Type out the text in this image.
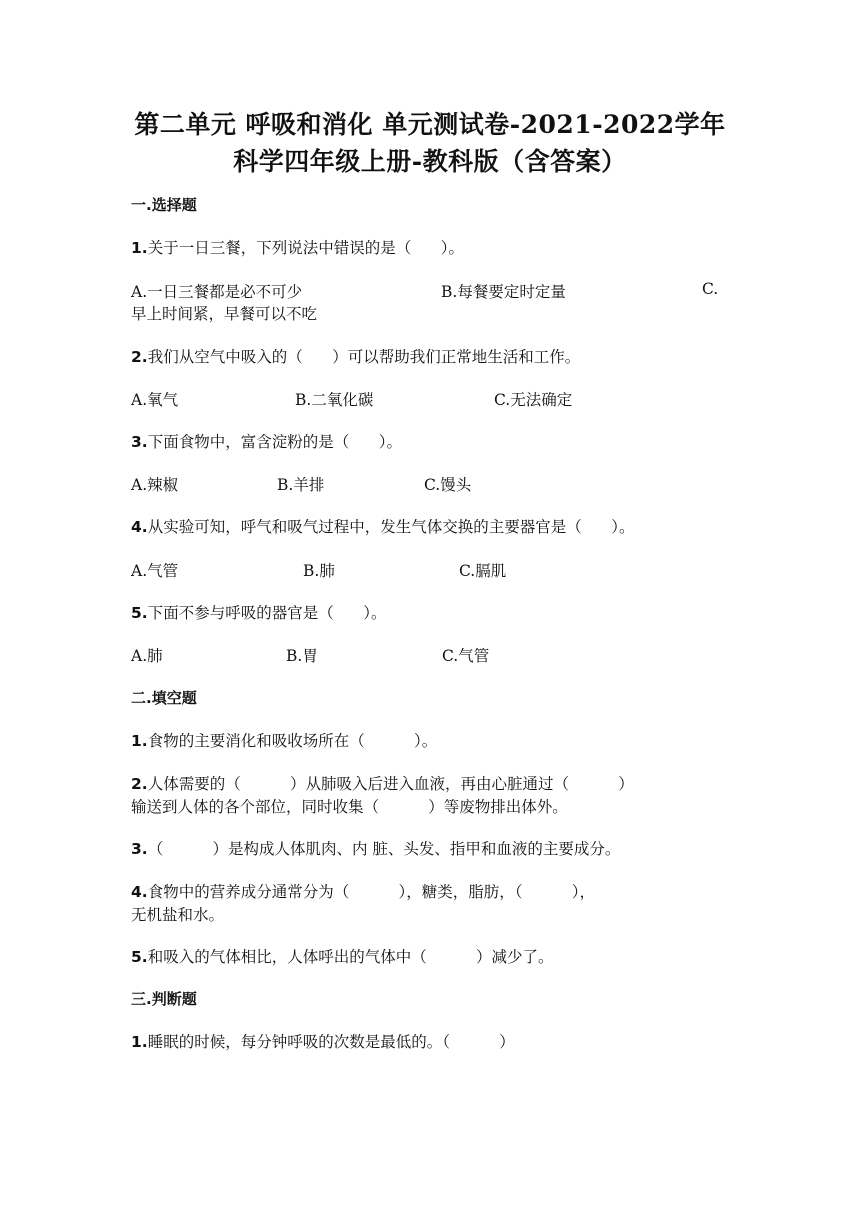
第二单元 呼吸和消化 单元测试卷-2021-2022学年
科学四年级上册-教科版（含答案）
一.选择题
1.关于一日三餐，下列说法中错误的是（      ）。
A.一日三餐都是必不可少	B.每餐要定时定量	C.
早上时间紧，早餐可以不吃
2.我们从空气中吸入的（      ）可以帮助我们正常地生活和工作。
A.氧气	B.二氧化碳	C.无法确定
3.下面食物中，富含淀粉的是（      ）。
A.辣椒	B.羊排	C.馒头
4.从实验可知，呼气和吸气过程中，发生气体交换的主要器官是（      ）。
A.气管	B.肺	C.膈肌
5.下面不参与呼吸的器官是（      ）。
A.肺	B.胃	C.气管
二.填空题
1.食物的主要消化和吸收场所在（          ）。
2.人体需要的（          ）从肺吸入后进入血液，再由心脏通过（          ）
输送到人体的各个部位，同时收集（          ）等废物排出体外。
3.（          ）是构成人体肌肉、内 脏、头发、指甲和血液的主要成分。
4.食物中的营养成分通常分为（          ），糖类，脂肪，（          ），
无机盐和水。
5.和吸入的气体相比，人体呼出的气体中（          ）减少了。
三.判断题
1.睡眠的时候，每分钟呼吸的次数是最低的。（          ）
